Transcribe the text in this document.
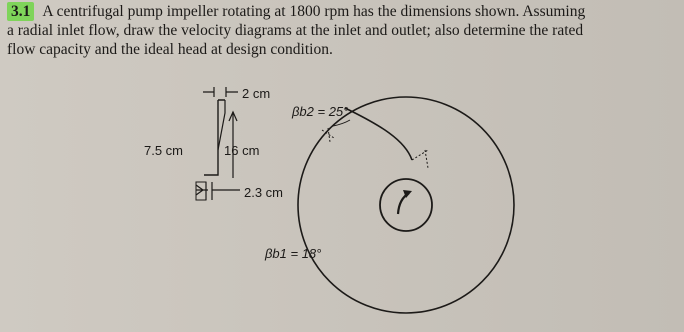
3.1 A centrifugal pump impeller rotating at 1800 rpm has the dimensions shown. Assuming
a radial inlet flow, draw the velocity diagrams at the inlet and outlet; also determine the rated
flow capacity and the ideal head at design condition.
2 cm
7.5 cm	16 cm
2.3 cm
βb2 = 25°
βb1 = 18°
